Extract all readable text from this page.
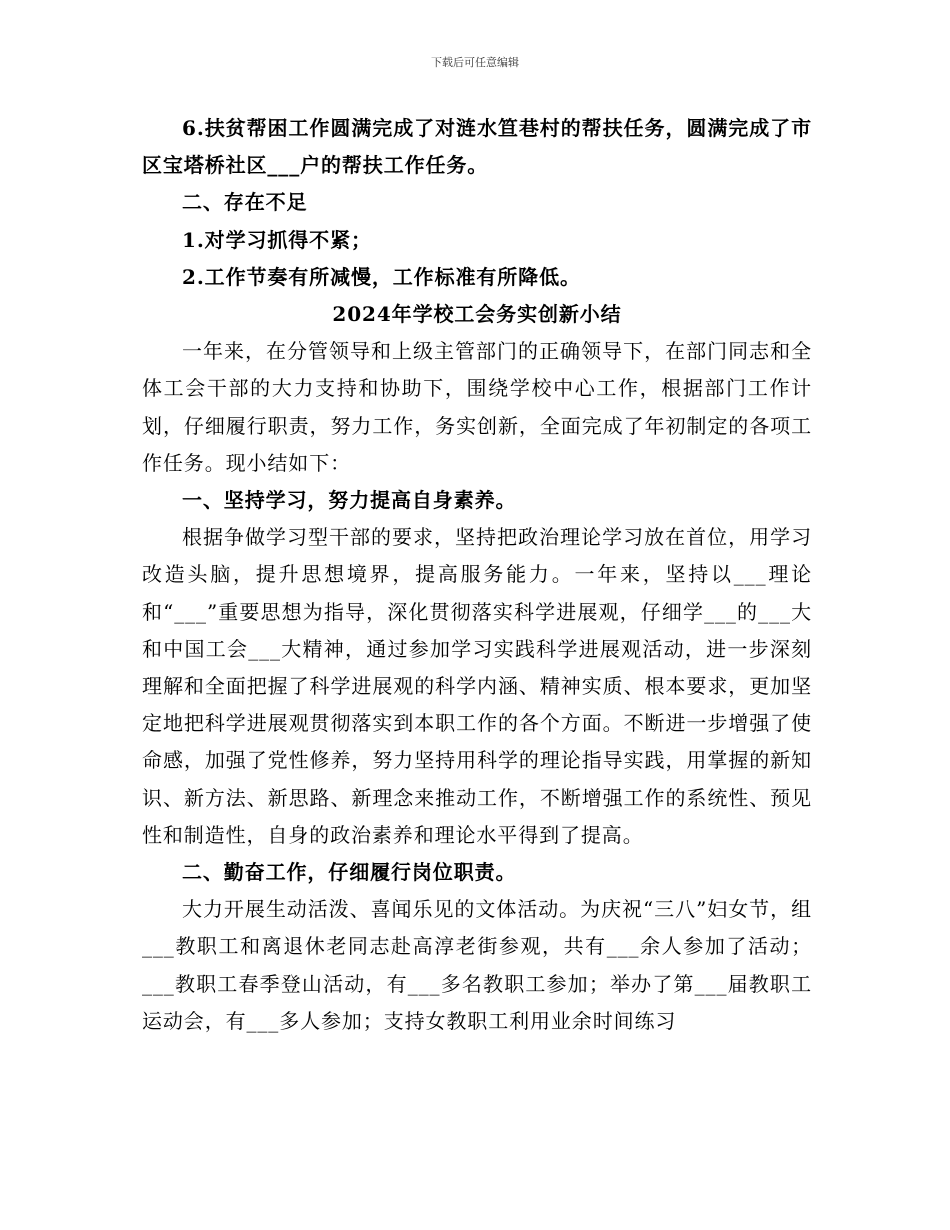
下载后可任意编辑

6.扶贫帮困工作圆满完成了对涟水笪巷村的帮扶任务，圆满完成了市区宝塔桥社区___户的帮扶工作任务。

二、存在不足

1.对学习抓得不紧；

2.工作节奏有所减慢，工作标准有所降低。

2024年学校工会务实创新小结

一年来，在分管领导和上级主管部门的正确领导下，在部门同志和全体工会干部的大力支持和协助下，围绕学校中心工作，根据部门工作计划，仔细履行职责，努力工作，务实创新，全面完成了年初制定的各项工作任务。现小结如下：

一、坚持学习，努力提高自身素养。

根据争做学习型干部的要求，坚持把政治理论学习放在首位，用学习改造头脑，提升思想境界，提高服务能力。一年来，坚持以___理论和“___”重要思想为指导，深化贯彻落实科学进展观，仔细学___的___大和中国工会___大精神，通过参加学习实践科学进展观活动，进一步深刻理解和全面把握了科学进展观的科学内涵、精神实质、根本要求，更加坚定地把科学进展观贯彻落实到本职工作的各个方面。不断进一步增强了使命感，加强了党性修养，努力坚持用科学的理论指导实践，用掌握的新知识、新方法、新思路、新理念来推动工作，不断增强工作的系统性、预见性和制造性，自身的政治素养和理论水平得到了提高。

二、勤奋工作，仔细履行岗位职责。

大力开展生动活泼、喜闻乐见的文体活动。为庆祝“三八”妇女节，组___教职工和离退休老同志赴高淳老街参观，共有___余人参加了活动；___教职工春季登山活动，有___多名教职工参加；举办了第___届教职工运动会，有___多人参加；支持女教职工利用业余时间练习
